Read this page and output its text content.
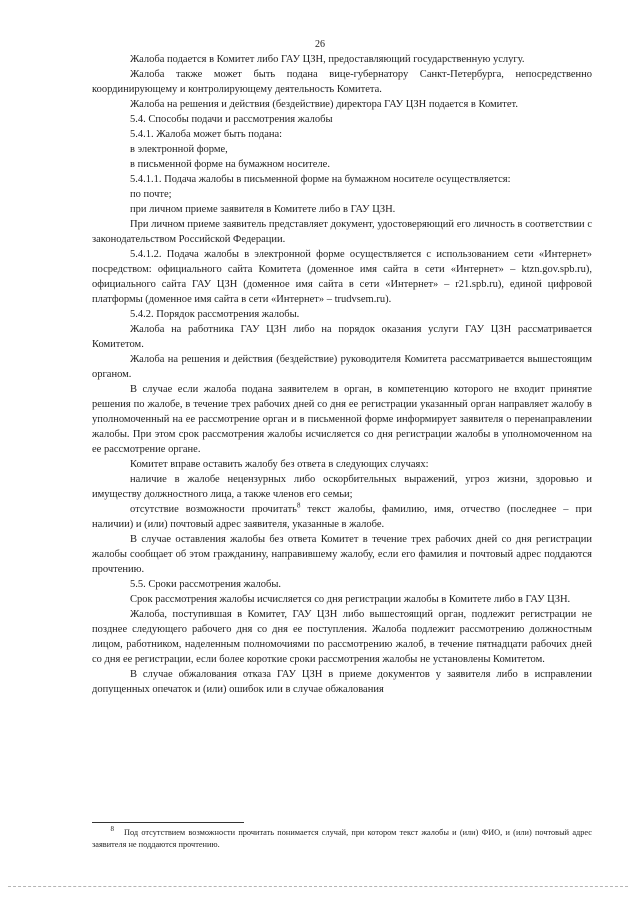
26

Жалоба подается в Комитет либо ГАУ ЦЗН, предоставляющий государственную услугу.

Жалоба также может быть подана вице-губернатору Санкт-Петербурга, непосредственно координирующему и контролирующему деятельность Комитета.

Жалоба на решения и действия (бездействие) директора ГАУ ЦЗН подается в Комитет.

5.4. Способы подачи и рассмотрения жалобы

5.4.1. Жалоба может быть подана:

в электронной форме,

в письменной форме на бумажном носителе.

5.4.1.1. Подача жалобы в письменной форме на бумажном носителе осуществляется:

по почте;

при личном приеме заявителя в Комитете либо в ГАУ ЦЗН.

При личном приеме заявитель представляет документ, удостоверяющий его личность в соответствии с законодательством Российской Федерации.

5.4.1.2. Подача жалобы в электронной форме осуществляется с использованием сети «Интернет» посредством: официального сайта Комитета (доменное имя сайта в сети «Интернет» – ktzn.gov.spb.ru), официального сайта ГАУ ЦЗН (доменное имя сайта в сети «Интернет» – r21.spb.ru), единой цифровой платформы (доменное имя сайта в сети «Интернет» – trudvsem.ru).

5.4.2. Порядок рассмотрения жалобы.

Жалоба на работника ГАУ ЦЗН либо на порядок оказания услуги ГАУ ЦЗН рассматривается Комитетом.

Жалоба на решения и действия (бездействие) руководителя Комитета рассматривается вышестоящим органом.

В случае если жалоба подана заявителем в орган, в компетенцию которого не входит принятие решения по жалобе, в течение трех рабочих дней со дня ее регистрации указанный орган направляет жалобу в уполномоченный на ее рассмотрение орган и в письменной форме информирует заявителя о перенаправлении жалобы. При этом срок рассмотрения жалобы исчисляется со дня регистрации жалобы в уполномоченном на ее рассмотрение органе.

Комитет вправе оставить жалобу без ответа в следующих случаях:

наличие в жалобе нецензурных либо оскорбительных выражений, угроз жизни, здоровью и имуществу должностного лица, а также членов его семьи;

отсутствие возможности прочитать$^8$ текст жалобы, фамилию, имя, отчество (последнее – при наличии) и (или) почтовый адрес заявителя, указанные в жалобе.

В случае оставления жалобы без ответа Комитет в течение трех рабочих дней со дня регистрации жалобы сообщает об этом гражданину, направившему жалобу, если его фамилия и почтовый адрес поддаются прочтению.

5.5. Сроки рассмотрения жалобы.

Срок рассмотрения жалобы исчисляется со дня регистрации жалобы в Комитете либо в ГАУ ЦЗН.

Жалоба, поступившая в Комитет, ГАУ ЦЗН либо вышестоящий орган, подлежит регистрации не позднее следующего рабочего дня со дня ее поступления. Жалоба подлежит рассмотрению должностным лицом, работником, наделенным полномочиями по рассмотрению жалоб, в течение пятнадцати рабочих дней со дня ее регистрации, если более короткие сроки рассмотрения жалобы не установлены Комитетом.

В случае обжалования отказа ГАУ ЦЗН в приеме документов у заявителя либо в исправлении допущенных опечаток и (или) ошибок или в случае обжалования

$^8$ Под отсутствием возможности прочитать понимается случай, при котором текст жалобы и (или) ФИО, и (или) почтовый адрес заявителя не поддаются прочтению.
